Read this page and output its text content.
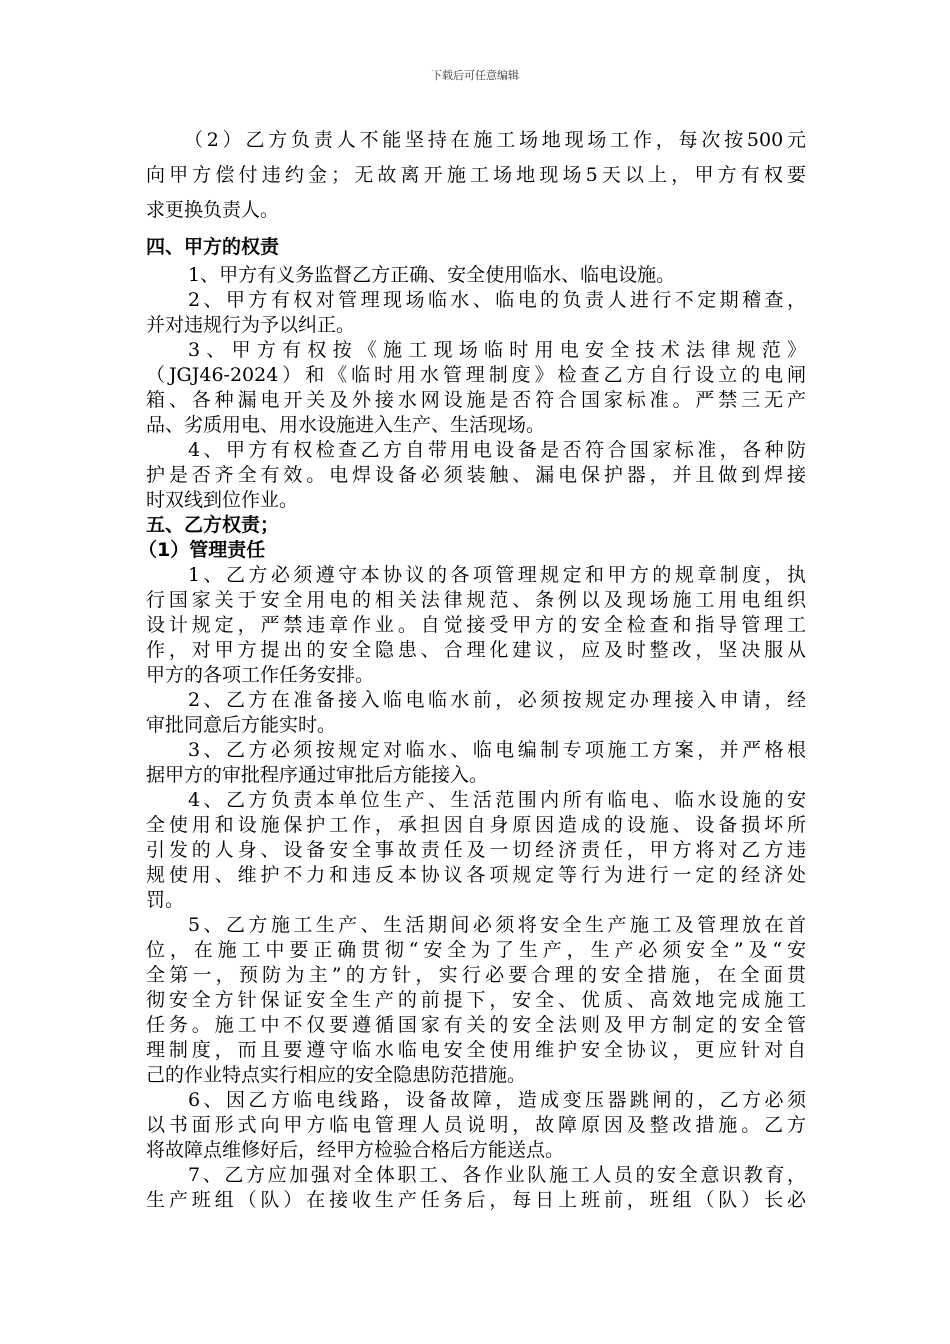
下载后可任意编辑
（2）乙方负责人不能坚持在施工场地现场工作，每次按500元
向甲方偿付违约金；无故离开施工场地现场5天以上，甲方有权要
求更换负责人。
四、甲方的权责
1、甲方有义务监督乙方正确、安全使用临水、临电设施。
2、甲方有权对管理现场临水、临电的负责人进行不定期稽查，
并对违规行为予以纠正。
3、甲方有权按《施工现场临时用电安全技术法律规范》
（JGJ46-2024）和《临时用水管理制度》检查乙方自行设立的电闸
箱、各种漏电开关及外接水网设施是否符合国家标准。严禁三无产
品、劣质用电、用水设施进入生产、生活现场。
4、甲方有权检查乙方自带用电设备是否符合国家标准，各种防
护是否齐全有效。电焊设备必须装触、漏电保护器，并且做到焊接
时双线到位作业。
五、乙方权责；
（1）管理责任
1、乙方必须遵守本协议的各项管理规定和甲方的规章制度，执
行国家关于安全用电的相关法律规范、条例以及现场施工用电组织
设计规定，严禁违章作业。自觉接受甲方的安全检查和指导管理工
作，对甲方提出的安全隐患、合理化建议，应及时整改，坚决服从
甲方的各项工作任务安排。
2、乙方在准备接入临电临水前，必须按规定办理接入申请，经
审批同意后方能实时。
3、乙方必须按规定对临水、临电编制专项施工方案，并严格根
据甲方的审批程序通过审批后方能接入。
4、乙方负责本单位生产、生活范围内所有临电、临水设施的安
全使用和设施保护工作，承担因自身原因造成的设施、设备损坏所
引发的人身、设备安全事故责任及一切经济责任，甲方将对乙方违
规使用、维护不力和违反本协议各项规定等行为进行一定的经济处
罚。
5、乙方施工生产、生活期间必须将安全生产施工及管理放在首
位，在施工中要正确贯彻“安全为了生产，生产必须安全”及“安
全第一，预防为主”的方针，实行必要合理的安全措施，在全面贯
彻安全方针保证安全生产的前提下，安全、优质、高效地完成施工
任务。施工中不仅要遵循国家有关的安全法则及甲方制定的安全管
理制度，而且要遵守临水临电安全使用维护安全协议，更应针对自
己的作业特点实行相应的安全隐患防范措施。
6、因乙方临电线路，设备故障，造成变压器跳闸的，乙方必须
以书面形式向甲方临电管理人员说明，故障原因及整改措施。乙方
将故障点维修好后，经甲方检验合格后方能送点。
7、乙方应加强对全体职工、各作业队施工人员的安全意识教育，
生产班组（队）在接收生产任务后，每日上班前，班组（队）长必
